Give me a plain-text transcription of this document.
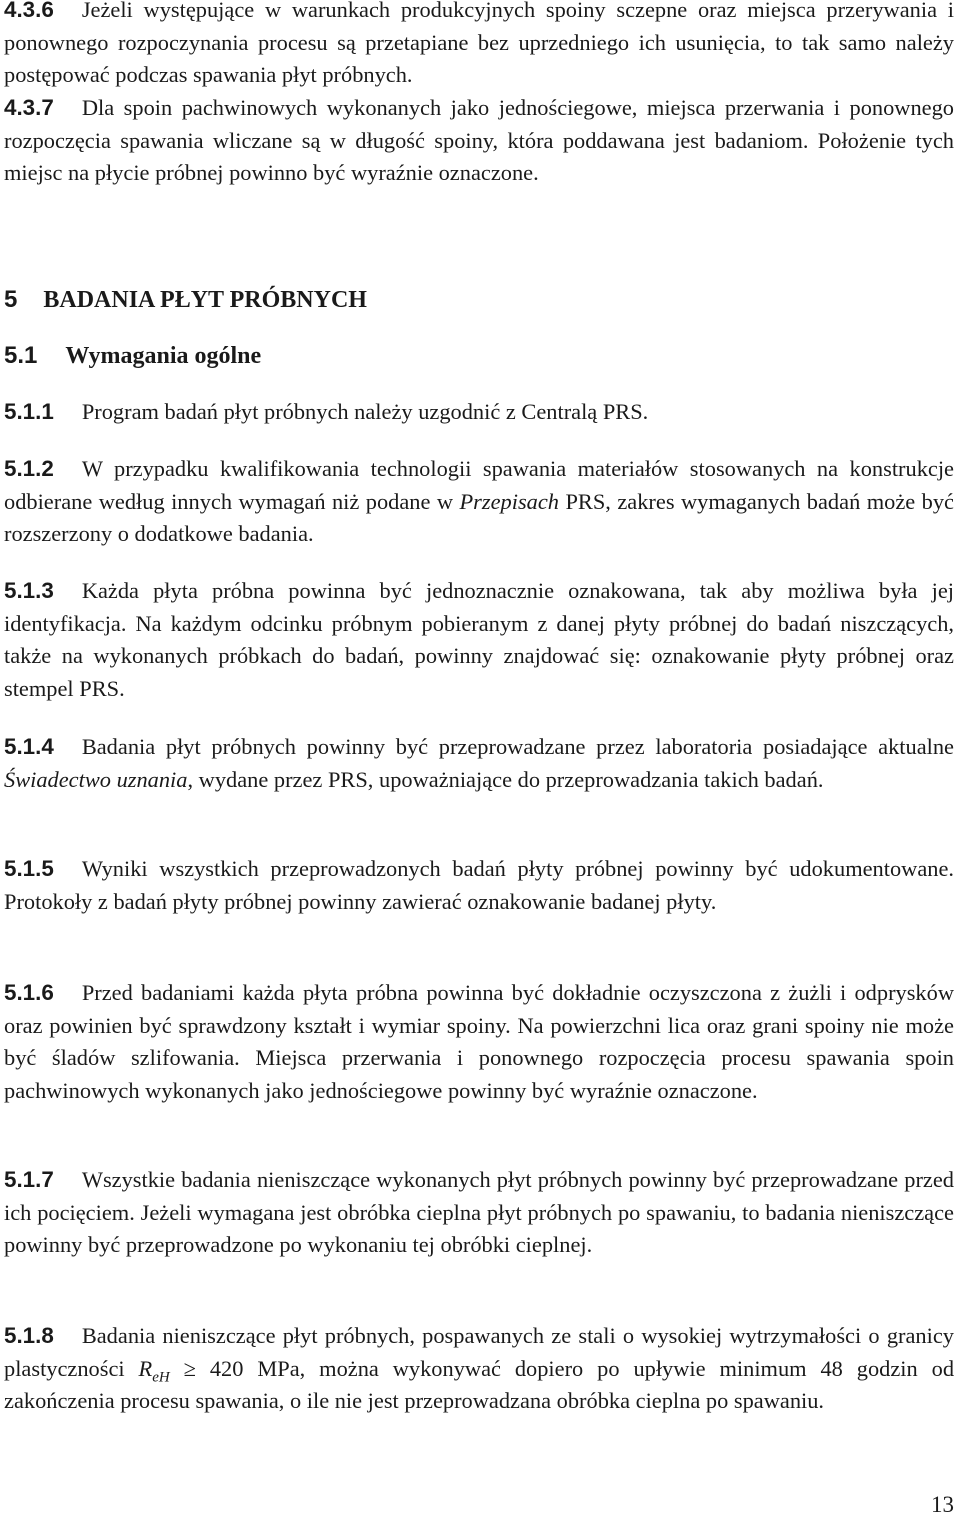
4.3.6 Jeżeli występujące w warunkach produkcyjnych spoiny sczepne oraz miejsca przerywania i ponownego rozpoczynania procesu są przetapiane bez uprzedniego ich usunięcia, to tak samo należy postępować podczas spawania płyt próbnych.

4.3.7 Dla spoin pachwinowych wykonanych jako jednościegowe, miejsca przerwania i ponownego rozpoczęcia spawania wliczane są w długość spoiny, która poddawana jest badaniom. Położenie tych miejsc na płycie próbnej powinno być wyraźnie oznaczone.

5 BADANIA PŁYT PRÓBNYCH
5.1 Wymagania ogólne

5.1.1 Program badań płyt próbnych należy uzgodnić z Centralą PRS.

5.1.2 W przypadku kwalifikowania technologii spawania materiałów stosowanych na konstrukcje odbierane według innych wymagań niż podane w Przepisach PRS, zakres wymaganych badań może być rozszerzony o dodatkowe badania.

5.1.3 Każda płyta próbna powinna być jednoznacznie oznakowana, tak aby możliwa była jej identyfikacja. Na każdym odcinku próbnym pobieranym z danej płyty próbnej do badań niszczących, także na wykonanych próbkach do badań, powinny znajdować się: oznakowanie płyty próbnej oraz stempel PRS.

5.1.4 Badania płyt próbnych powinny być przeprowadzane przez laboratoria posiadające aktualne Świadectwo uznania, wydane przez PRS, upoważniające do przeprowadzania takich badań.

5.1.5 Wyniki wszystkich przeprowadzonych badań płyty próbnej powinny być udokumentowane. Protokoły z badań płyty próbnej powinny zawierać oznakowanie badanej płyty.

5.1.6 Przed badaniami każda płyta próbna powinna być dokładnie oczyszczona z żużli i odprysków oraz powinien być sprawdzony kształt i wymiar spoiny. Na powierzchni lica oraz grani spoiny nie może być śladów szlifowania. Miejsca przerwania i ponownego rozpoczęcia procesu spawania spoin pachwinowych wykonanych jako jednościegowe powinny być wyraźnie oznaczone.

5.1.7 Wszystkie badania nieniszczące wykonanych płyt próbnych powinny być przeprowadzane przed ich pocięciem. Jeżeli wymagana jest obróbka cieplna płyt próbnych po spawaniu, to badania nieniszczące powinny być przeprowadzone po wykonaniu tej obróbki cieplnej.

5.1.8 Badania nieniszczące płyt próbnych, pospawanych ze stali o wysokiej wytrzymałości o granicy plastyczności $R_{eH} \ge 420$ MPa, można wykonywać dopiero po upływie minimum 48 godzin od zakończenia procesu spawania, o ile nie jest przeprowadzana obróbka cieplna po spawaniu.

13
